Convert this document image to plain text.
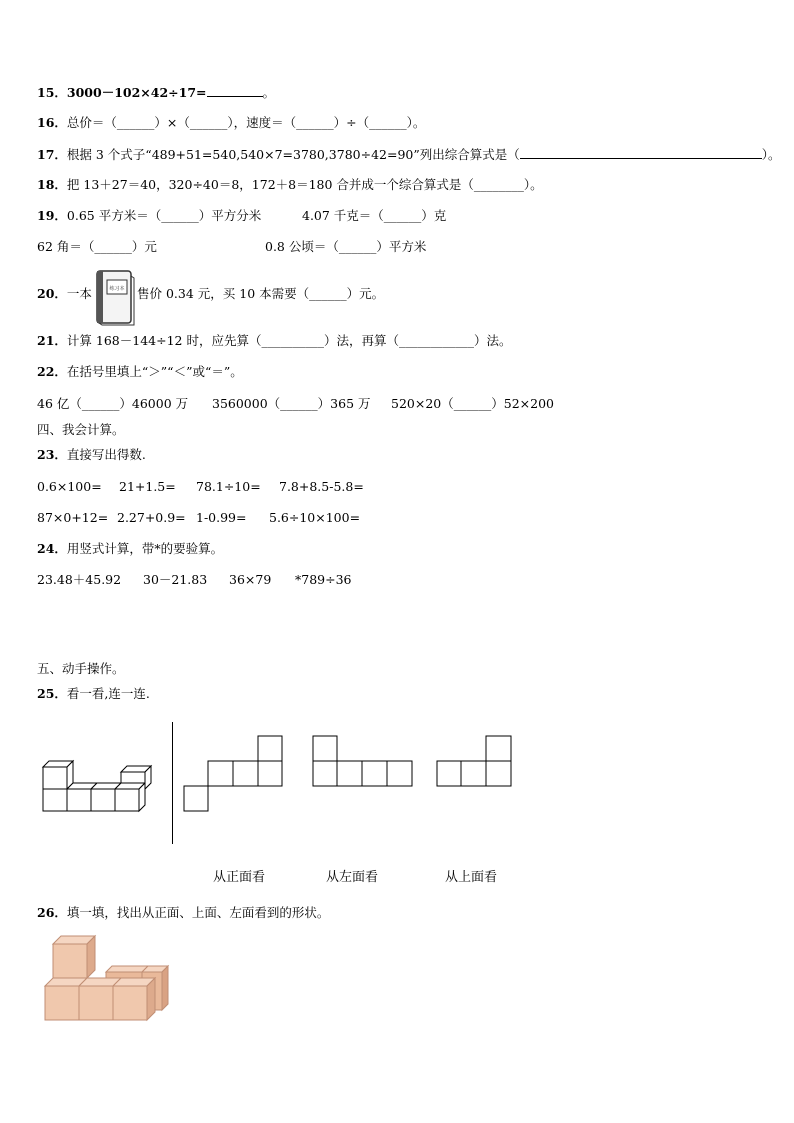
15．3000－102×42÷17=	。
16．总价＝（______）×（______），速度＝（______）÷（______）。
17．根据 3 个式子“489+51=540,540×7=3780,3780÷42=90”列出综合算式是（	）。
18．把 13＋27＝40，320÷40＝8，172＋8＝180 合并成一个综合算式是（________）。
19．0.65 平方米＝（______）平方分米	4.07 千克＝（______）克
62 角＝（______）元	0.8 公顷＝（______）平方米
20．一本	练习本 售价 0.34 元，买 10 本需要（______）元。
21．计算 168－144÷12 时，应先算（__________）法，再算（____________）法。
22．在括号里填上“＞”“＜”或“＝”。
46 亿（______）46000 万 3560000（______）365 万 520×20（______）52×200
四、我会计算。
23．直接写出得数.
0.6×100= 21+1.5= 78.1÷10= 7.8+8.5-5.8=
87×0+12= 2.27+0.9= 1-0.99= 5.6÷10×100=
24．用竖式计算，带*的要验算。
23.48＋45.92 30－21.83 36×79 *789÷36
五、动手操作。
25．看一看,连一连.
从正面看	从左面看	从上面看
26．填一填，找出从正面、上面、左面看到的形状。
